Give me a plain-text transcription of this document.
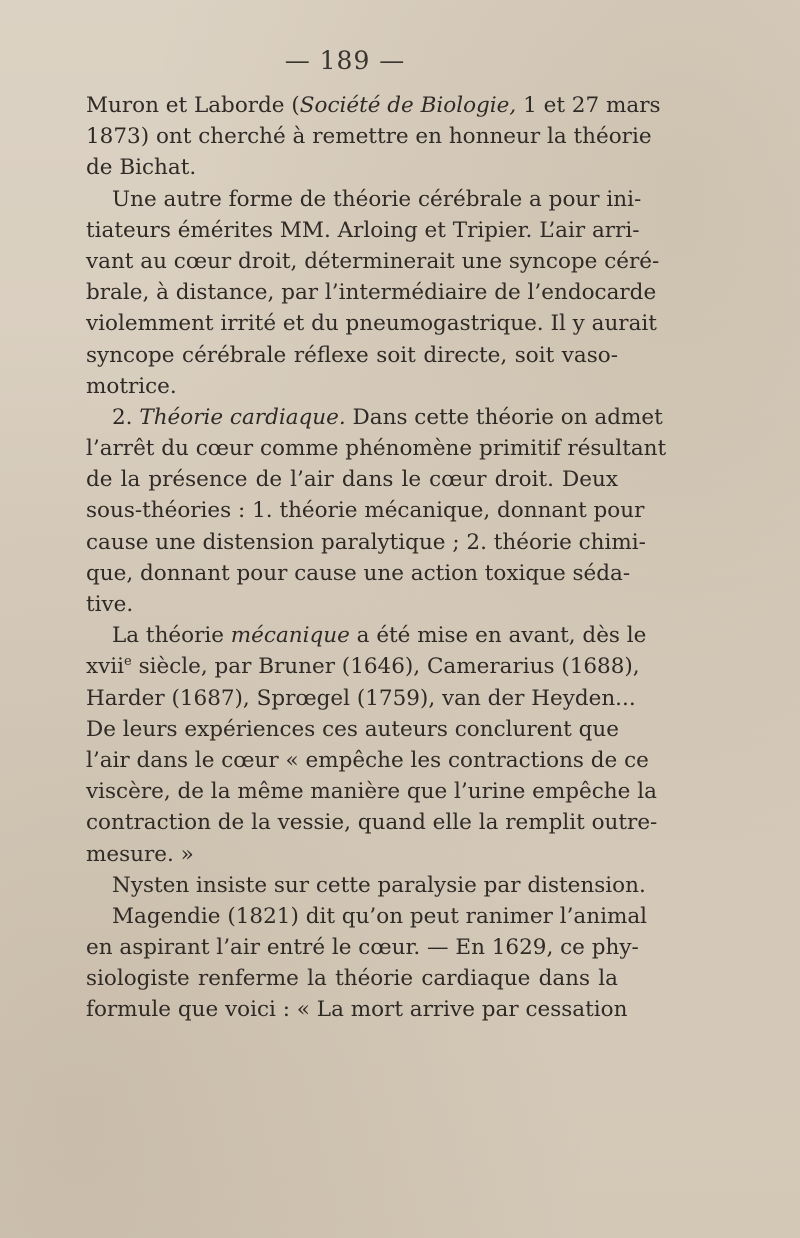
— 189 —
Muron et Laborde (Société de Biologie, 1 et 27 mars
1873) ont cherché à remettre en honneur la théorie
de Bichat.
Une autre forme de théorie cérébrale a pour ini-
tiateurs émérites MM. Arloing et Tripier. L’air arri-
vant au cœur droit, déterminerait une syncope céré-
brale, à distance, par l’intermédiaire de l’endocarde
violemment irrité et du pneumogastrique. Il y aurait
syncope cérébrale réflexe soit directe, soit vaso-
motrice.
2. Théorie cardiaque. Dans cette théorie on admet
l’arrêt du cœur comme phénomène primitif résultant
de la présence de l’air dans le cœur droit. Deux
sous-théories : 1. théorie mécanique, donnant pour
cause une distension paralytique ; 2. théorie chimi-
que, donnant pour cause une action toxique séda-
tive.
La théorie mécanique a été mise en avant, dès le
xvii$^e$ siècle, par Bruner (1646), Camerarius (1688),
Harder (1687), Sprœgel (1759), van der Heyden...
De leurs expériences ces auteurs conclurent que
l’air dans le cœur « empêche les contractions de ce
viscère, de la même manière que l’urine empêche la
contraction de la vessie, quand elle la remplit outre-
mesure. »
Nysten insiste sur cette paralysie par distension.
Magendie (1821) dit qu’on peut ranimer l’animal
en aspirant l’air entré le cœur. — En 1629, ce phy-
siologiste renferme la théorie cardiaque dans la
formule que voici : « La mort arrive par cessation
